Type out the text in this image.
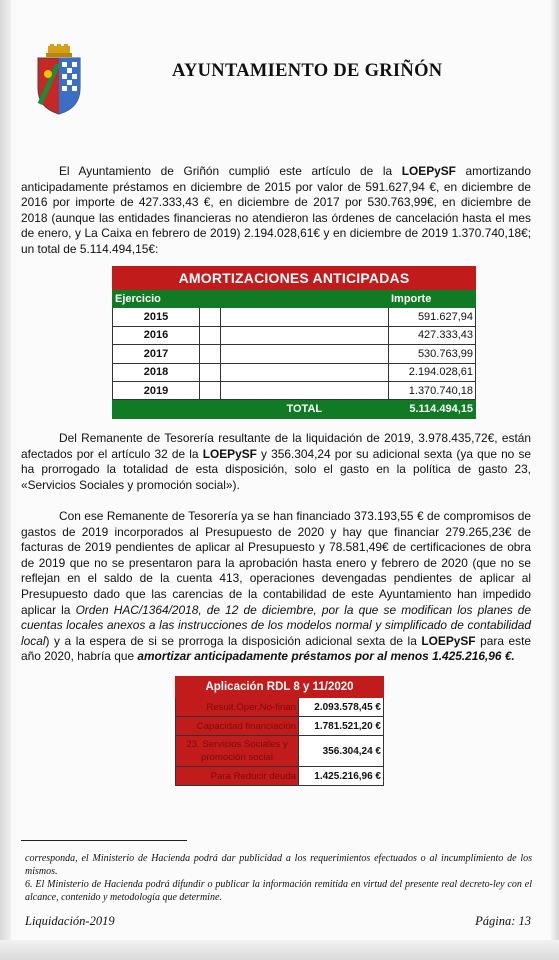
AYUNTAMIENTO DE GRIÑÓN

El Ayuntamiento de Griñón cumplió este artículo de la LOEPySF amortizando anticipadamente préstamos en diciembre de 2015 por valor de 591.627,94 €, en diciembre de 2016 por importe de 427.333,43 €, en diciembre de 2017 por 530.763,99€, en diciembre de 2018 (aunque las entidades financieras no atendieron las órdenes de cancelación hasta el mes de enero, y La Caixa en febrero de 2019) 2.194.028,61€ y en diciembre de 2019 1.370.740,18€; un total de 5.114.494,15€:

AMORTIZACIONES ANTICIPADAS			
Ejercicio			Importe
2015			591.627,94
2016			427.333,43
2017			530.763,99
2018			2.194.028,61
2019			1.370.740,18
		TOTAL	5.114.494,15

Del Remanente de Tesorería resultante de la liquidación de 2019, 3.978.435,72€, están afectados por el artículo 32 de la LOEPySF y 356.304,24 por su adicional sexta (ya que no se ha prorrogado la totalidad de esta disposición, solo el gasto en la política de gasto 23, «Servicios Sociales y promoción social»).

Con ese Remanente de Tesorería ya se han financiado 373.193,55 € de compromisos de gastos de 2019 incorporados al Presupuesto de 2020 y hay que financiar 279.265,23€ de facturas de 2019 pendientes de aplicar al Presupuesto y 78.581,49€ de certificaciones de obra de 2019 que no se presentaron para la aprobación hasta enero y febrero de 2020 (que no se reflejan en el saldo de la cuenta 413, operaciones devengadas pendientes de aplicar al Presupuesto dado que las carencias de la contabilidad de este Ayuntamiento han impedido aplicar la Orden HAC/1364/2018, de 12 de diciembre, por la que se modifican los planes de cuentas locales anexos a las instrucciones de los modelos normal y simplificado de contabilidad local) y a la espera de si se prorroga la disposición adicional sexta de la LOEPySF para este año 2020, habría que amortizar anticipadamente préstamos por al menos 1.425.216,96 €.

Aplicación RDL 8 y 11/2020	
Result.Oper.No-finan	2.093.578,45 €
Capacidad financiación	1.781.521,20 €
23. Servicios Sociales y promoción social	356.304,24 €
Para Reducir deuda	1.425.216,96 €

corresponda, el Ministerio de Hacienda podrá dar publicidad a los requerimientos efectuados o al incumplimiento de los mismos.

6. El Ministerio de Hacienda podrá difundir o publicar la información remitida en virtud del presente real decreto-ley con el alcance, contenido y metodología que determine.

Liquidación-2019	Página: 13
